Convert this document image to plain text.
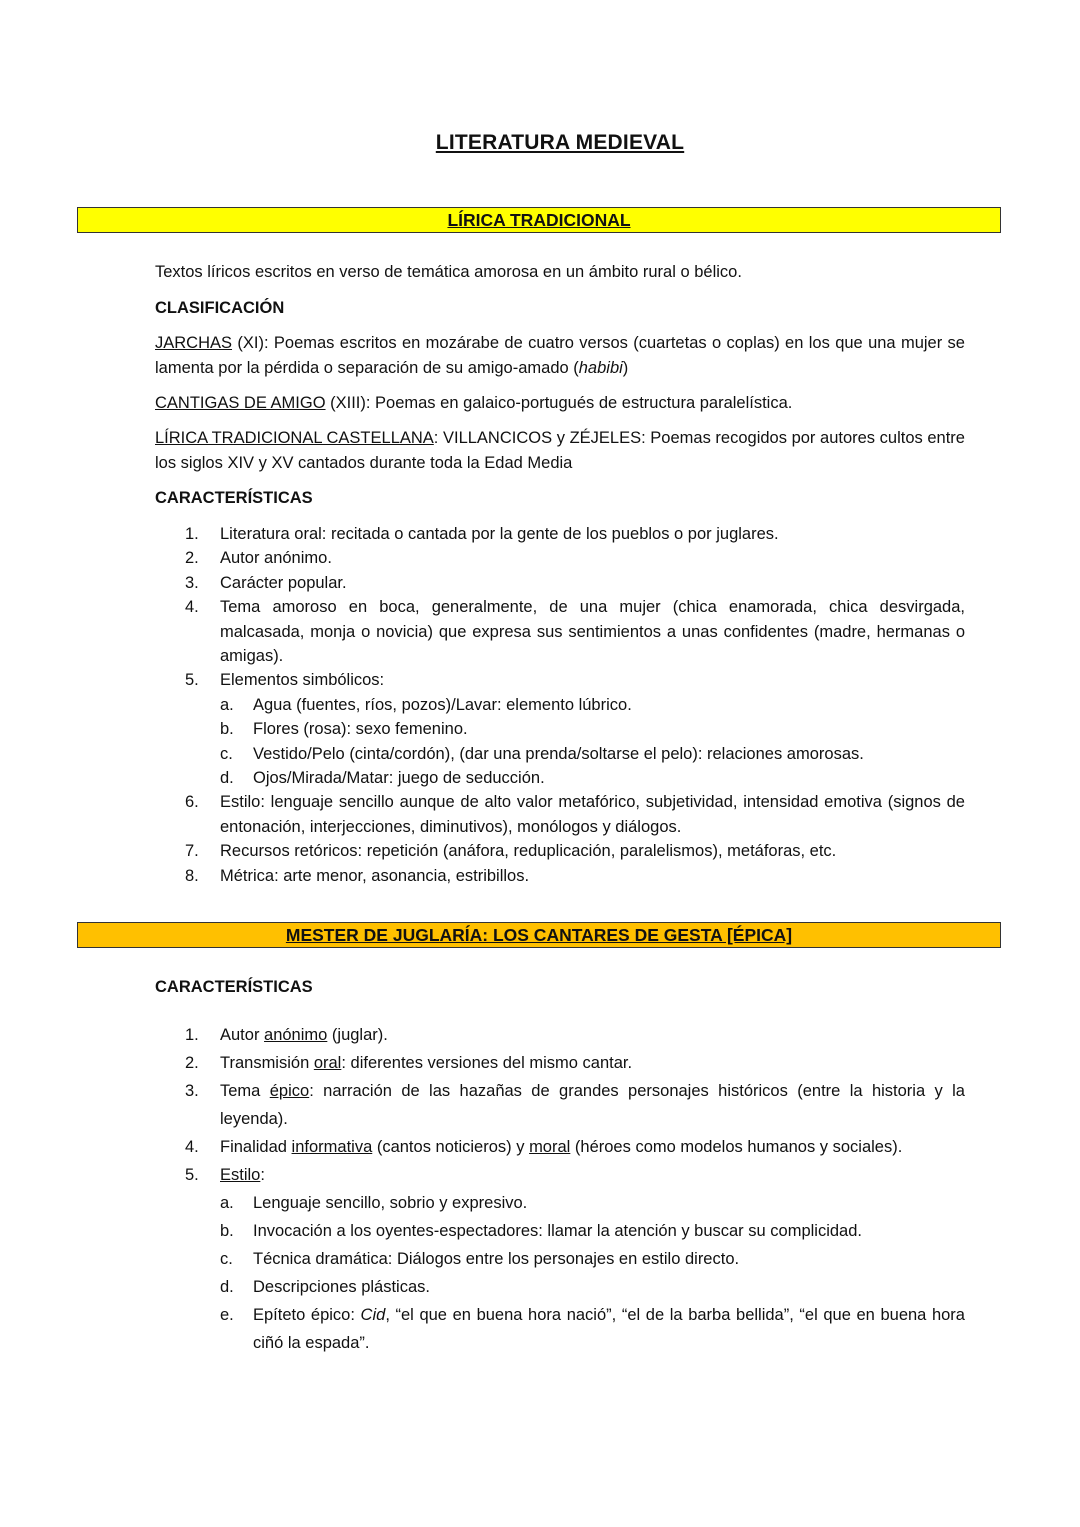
LITERATURA MEDIEVAL
LÍRICA TRADICIONAL
Textos líricos escritos en verso de temática amorosa en un ámbito rural o bélico.
CLASIFICACIÓN
JARCHAS (XI): Poemas escritos en mozárabe de cuatro versos (cuartetas o coplas) en los que una mujer se lamenta por la pérdida o separación de su amigo-amado (habibi)
CANTIGAS DE AMIGO (XIII): Poemas en galaico-portugués de estructura paralelística.
LÍRICA TRADICIONAL CASTELLANA: VILLANCICOS y ZÉJELES: Poemas recogidos por autores cultos entre los siglos XIV y XV cantados durante toda la Edad Media
CARACTERÍSTICAS
1. Literatura oral: recitada o cantada por la gente de los pueblos o por juglares.
2. Autor anónimo.
3. Carácter popular.
4. Tema amoroso en boca, generalmente, de una mujer (chica enamorada, chica desvirgada, malcasada, monja o novicia) que expresa sus sentimientos a unas confidentes (madre, hermanas o amigas).
5. Elementos simbólicos:
a. Agua (fuentes, ríos, pozos)/Lavar: elemento lúbrico.
b. Flores (rosa): sexo femenino.
c. Vestido/Pelo (cinta/cordón), (dar una prenda/soltarse el pelo): relaciones amorosas.
d. Ojos/Mirada/Matar: juego de seducción.
6. Estilo: lenguaje sencillo aunque de alto valor metafórico, subjetividad, intensidad emotiva (signos de entonación, interjecciones, diminutivos), monólogos y diálogos.
7. Recursos retóricos: repetición (anáfora, reduplicación, paralelismos), metáforas, etc.
8. Métrica: arte menor, asonancia, estribillos.
MESTER DE JUGLARÍA: LOS CANTARES DE GESTA [ÉPICA]
CARACTERÍSTICAS
1. Autor anónimo (juglar).
2. Transmisión oral: diferentes versiones del mismo cantar.
3. Tema épico: narración de las hazañas de grandes personajes históricos (entre la historia y la leyenda).
4. Finalidad informativa (cantos noticieros) y moral (héroes como modelos humanos y sociales).
5. Estilo:
a. Lenguaje sencillo, sobrio y expresivo.
b. Invocación a los oyentes-espectadores: llamar la atención y buscar su complicidad.
c. Técnica dramática: Diálogos entre los personajes en estilo directo.
d. Descripciones plásticas.
e. Epíteto épico: Cid, “el que en buena hora nació”, “el de la barba bellida”, “el que en buena hora ciñó la espada”.
